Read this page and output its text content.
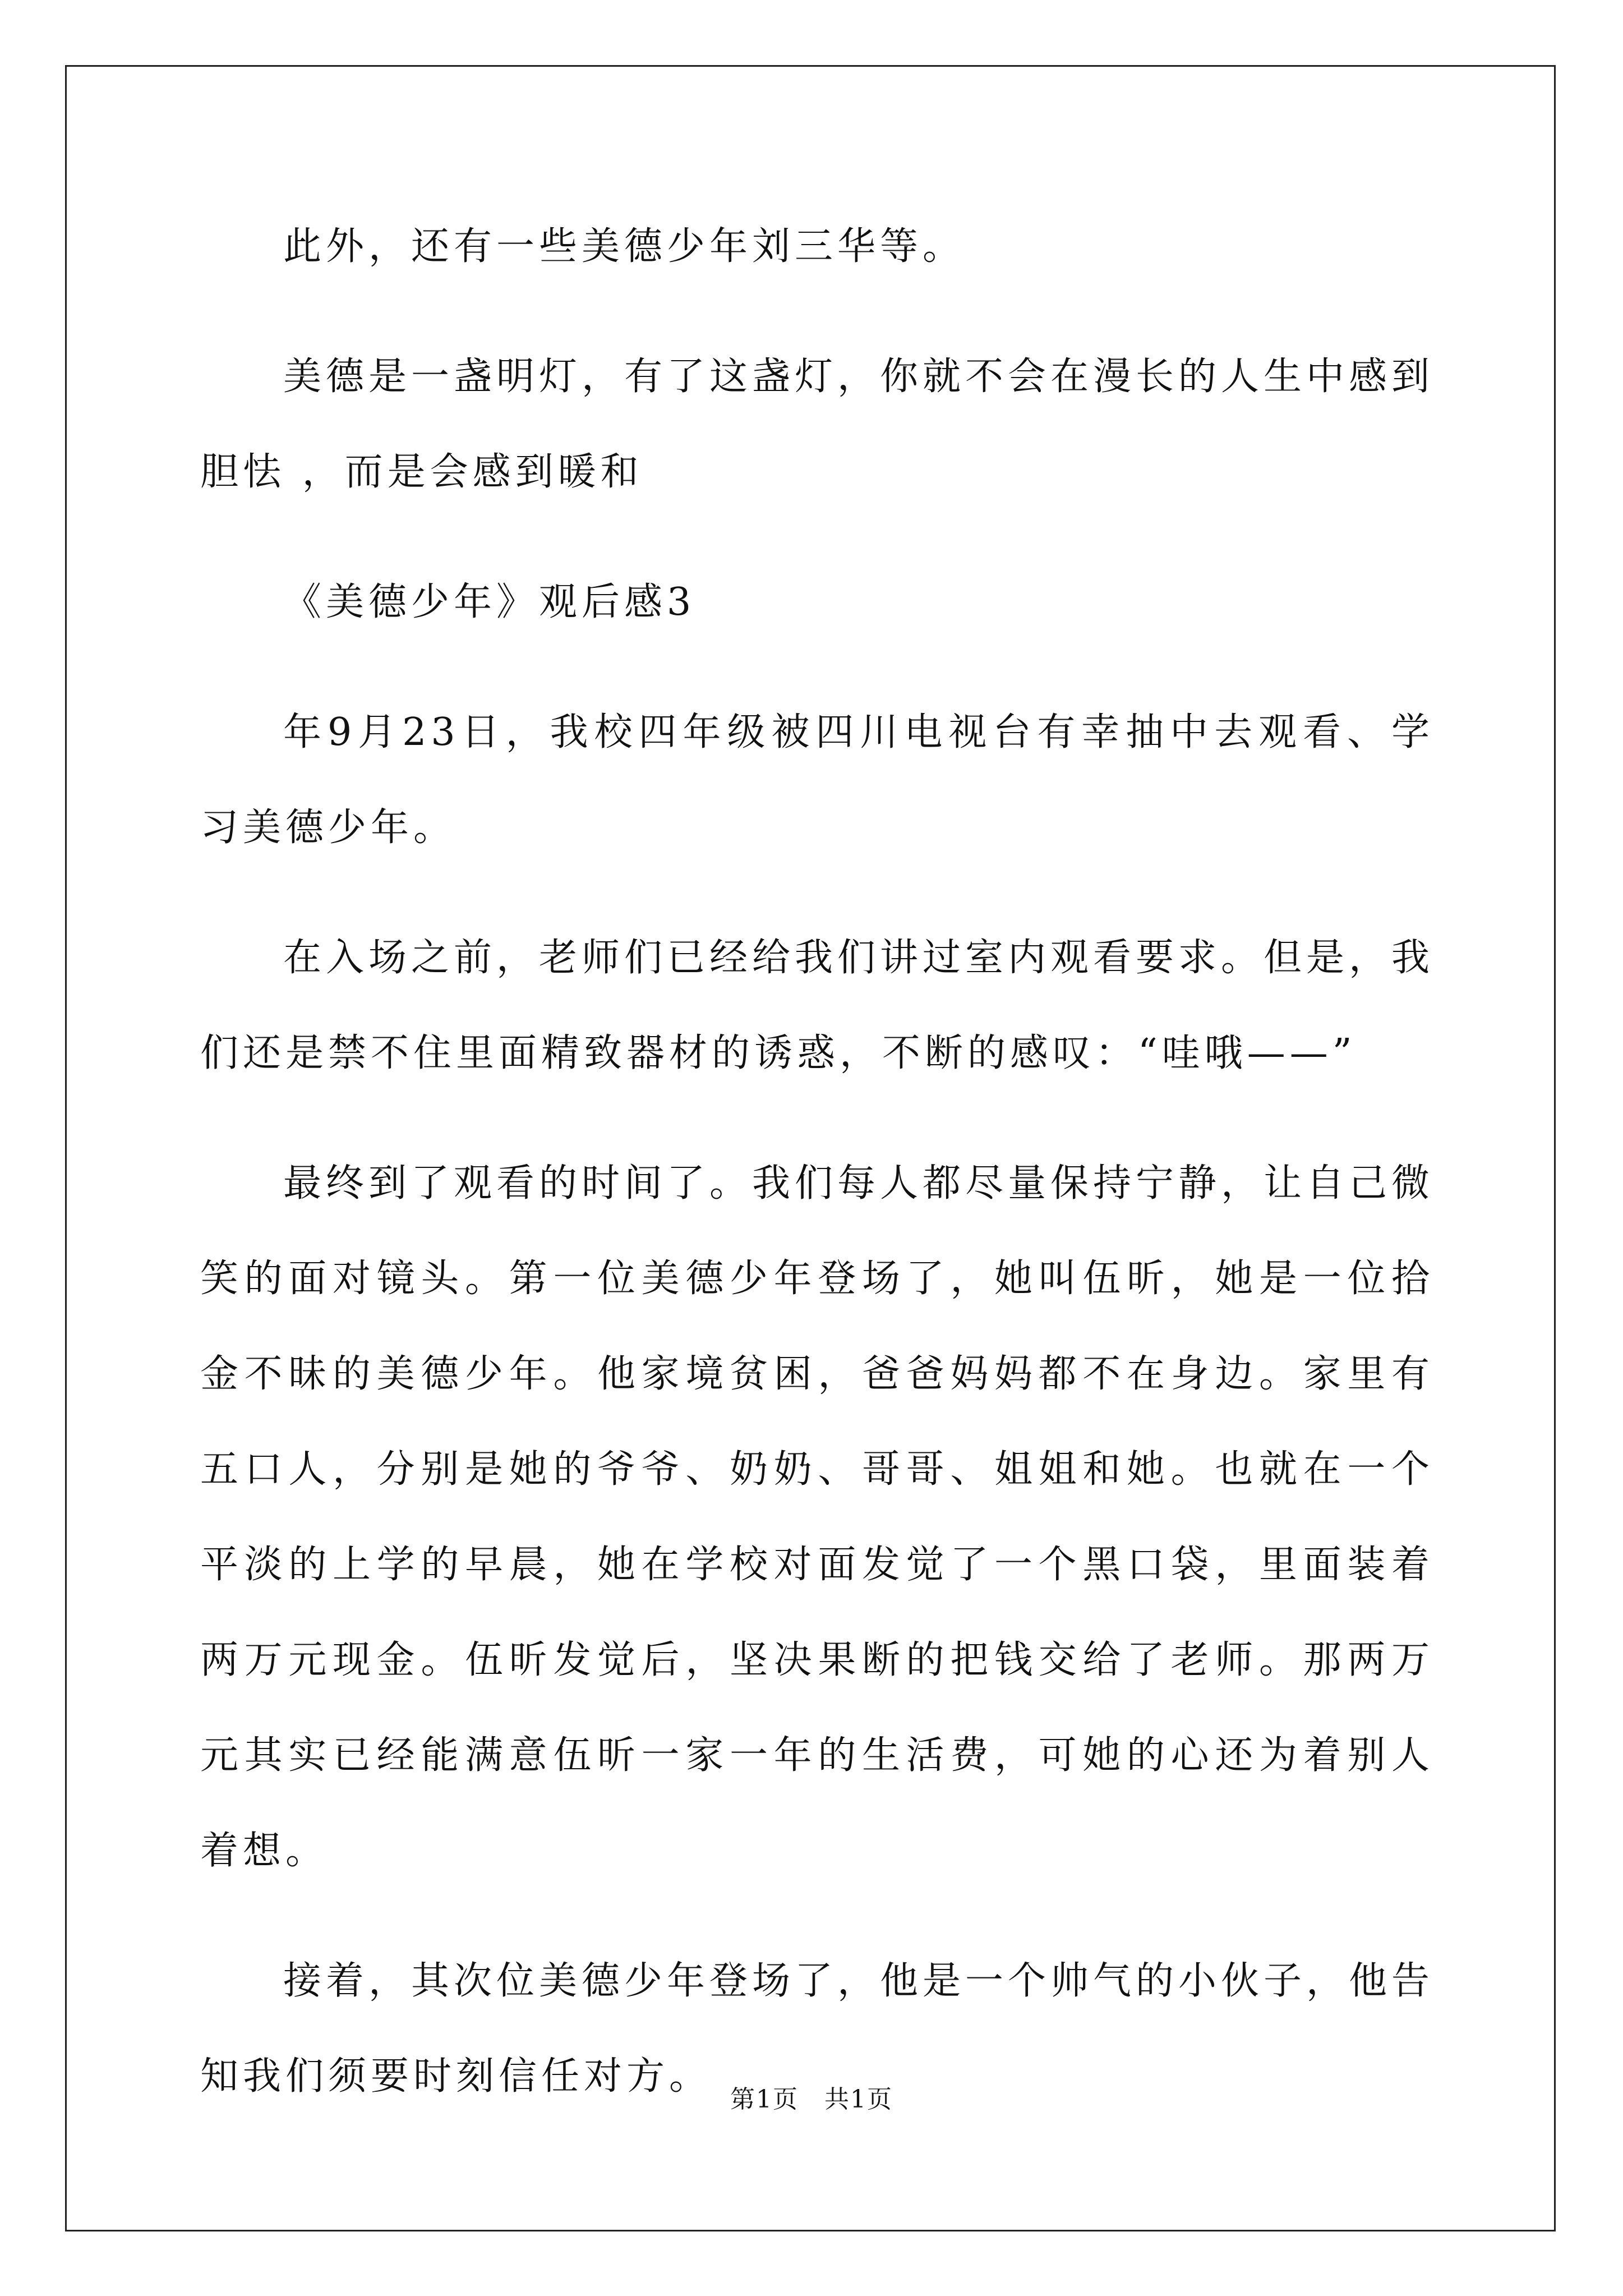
此外，还有一些美德少年刘三华等。

美德是一盏明灯，有了这盏灯，你就不会在漫长的人生中感到胆怯 ，而是会感到暖和

《美德少年》观后感3

年9月23日，我校四年级被四川电视台有幸抽中去观看、学习美德少年。

在入场之前，老师们已经给我们讲过室内观看要求。但是，我们还是禁不住里面精致器材的诱惑，不断的感叹：“哇哦——”

最终到了观看的时间了。我们每人都尽量保持宁静，让自己微笑的面对镜头。第一位美德少年登场了，她叫伍昕，她是一位拾金不昧的美德少年。他家境贫困，爸爸妈妈都不在身边。家里有五口人，分别是她的爷爷、奶奶、哥哥、姐姐和她。也就在一个平淡的上学的早晨，她在学校对面发觉了一个黑口袋，里面装着两万元现金。伍昕发觉后，坚决果断的把钱交给了老师。那两万元其实已经能满意伍昕一家一年的生活费，可她的心还为着别人着想。

接着，其次位美德少年登场了，他是一个帅气的小伙子，他告知我们须要时刻信任对方。

第1页 共1页
